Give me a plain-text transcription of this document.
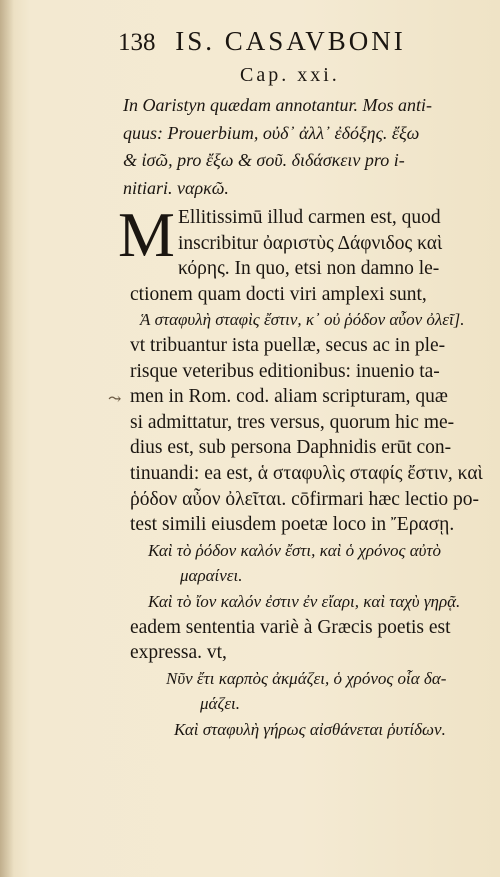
138 IS. CASAVBONI
Cap. xxi.
In Oaristyn quædam annotantur. Mos anti-
quus: Prouerbium, οὐδ᾽ ἀλλ᾽ ἐδόξης. ἔξω
& ἰσῶ, pro ἔξω & σοῦ. διδάσκειν pro i-
nitiari. ναρκῶ.
M Ellitissimū illud carmen est, quod
inscribitur ὀαριστὺς Δάφνιδος καὶ
κόρης. In quo, etsi non damno le-
ctionem quam docti viri amplexi sunt,
Ἁ σταφυλὴ σταφὶς ἔστιν, κ᾽ οὐ ῥόδον αὖον ὀλεῖ].
vt tribuantur ista puellæ, secus ac in ple-
risque veteribus editionibus: inuenio ta-
men in Rom. cod. aliam scripturam, quæ
si admittatur, tres versus, quorum hic me-
dius est, sub persona Daphnidis erūt con-
tinuandi: ea est, ἁ σταφυλὶς σταφίς ἔστιν, καὶ
ῥόδον αὖον ὀλεῖται. cōfirmari hæc lectio po-
test simili eiusdem poetæ loco in Ἔρασῃ.
Καὶ τὸ ῥόδον καλόν ἔστι, καὶ ὁ χρόνος αὐτὸ
μαραίνει.
Καὶ τὸ ἴον καλόν ἐστιν ἐν εἴαρι, καὶ ταχὺ γηρᾷ.
eadem sententia variè à Græcis poetis est
expressa. vt,
Νῦν ἔτι καρπὸς ἀκμάζει, ὁ χρόνος οἷα δα-
μάζει.
Καὶ σταφυλὴ γήρως αἰσθάνεται ῥυτίδων.
⤳
